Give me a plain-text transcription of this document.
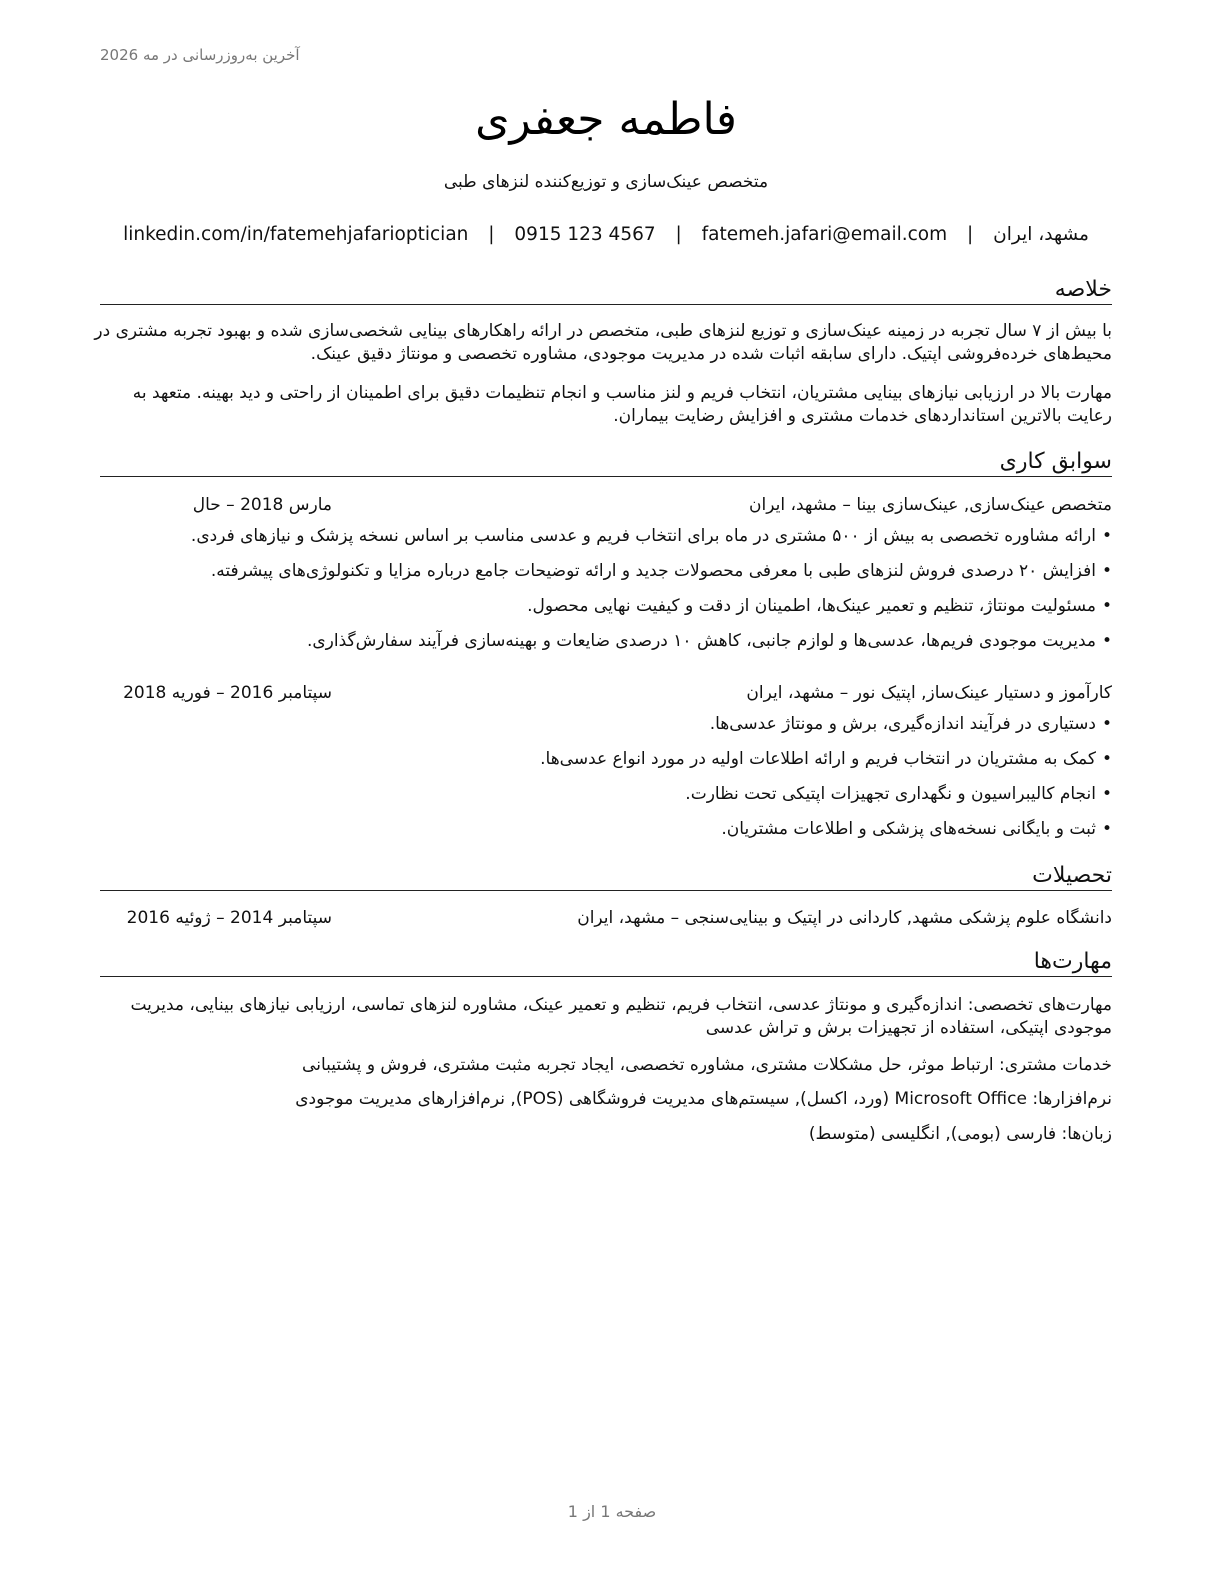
آخرین به‌روزرسانی در مه 2026
فاطمه جعفری
متخصص عینک‌سازی و توزیع‌کننده لنزهای طبی
مشهد، ایران | fatemeh.jafari@email.com | 0915 123 4567 | linkedin.com/in/fatemehjafarioptician
خلاصه
با بیش از ۷ سال تجربه در زمینه عینک‌سازی و توزیع لنزهای طبی، متخصص در ارائه راهکارهای بینایی شخصی‌سازی شده و بهبود تجربه مشتری در محیط‌های خرده‌فروشی اپتیک. دارای سابقه اثبات شده در مدیریت موجودی، مشاوره تخصصی و مونتاژ دقیق عینک.
مهارت بالا در ارزیابی نیازهای بینایی مشتریان، انتخاب فریم و لنز مناسب و انجام تنظیمات دقیق برای اطمینان از راحتی و دید بهینه. متعهد به رعایت بالاترین استانداردهای خدمات مشتری و افزایش رضایت بیماران.
سوابق کاری
متخصص عینک‌سازی, عینک‌سازی بینا – مشهد، ایران
مارس 2018 – حال
•ارائه مشاوره تخصصی به بیش از ۵۰۰ مشتری در ماه برای انتخاب فریم و عدسی مناسب بر اساس نسخه پزشک و نیازهای فردی.
•افزایش ۲۰ درصدی فروش لنزهای طبی با معرفی محصولات جدید و ارائه توضیحات جامع درباره مزایا و تکنولوژی‌های پیشرفته.
•مسئولیت مونتاژ، تنظیم و تعمیر عینک‌ها، اطمینان از دقت و کیفیت نهایی محصول.
•مدیریت موجودی فریم‌ها، عدسی‌ها و لوازم جانبی، کاهش ۱۰ درصدی ضایعات و بهینه‌سازی فرآیند سفارش‌گذاری.
کارآموز و دستیار عینک‌ساز, اپتیک نور – مشهد، ایران
سپتامبر 2016 – فوریه 2018
•دستیاری در فرآیند اندازه‌گیری، برش و مونتاژ عدسی‌ها.
•کمک به مشتریان در انتخاب فریم و ارائه اطلاعات اولیه در مورد انواع عدسی‌ها.
•انجام کالیبراسیون و نگهداری تجهیزات اپتیکی تحت نظارت.
•ثبت و بایگانی نسخه‌های پزشکی و اطلاعات مشتریان.
تحصیلات
دانشگاه علوم پزشکی مشهد, کاردانی در اپتیک و بینایی‌سنجی – مشهد، ایران
سپتامبر 2014 – ژوئیه 2016
مهارت‌ها
مهارت‌های تخصصی: اندازه‌گیری و مونتاژ عدسی، انتخاب فریم، تنظیم و تعمیر عینک، مشاوره لنزهای تماسی، ارزیابی نیازهای بینایی، مدیریت موجودی اپتیکی، استفاده از تجهیزات برش و تراش عدسی
خدمات مشتری: ارتباط موثر، حل مشکلات مشتری، مشاوره تخصصی، ایجاد تجربه مثبت مشتری، فروش و پشتیبانی
نرم‌افزارها: Microsoft Office (ورد، اکسل), سیستم‌های مدیریت فروشگاهی (POS), نرم‌افزارهای مدیریت موجودی
زبان‌ها: فارسی (بومی), انگلیسی (متوسط)
صفحه 1 از 1
